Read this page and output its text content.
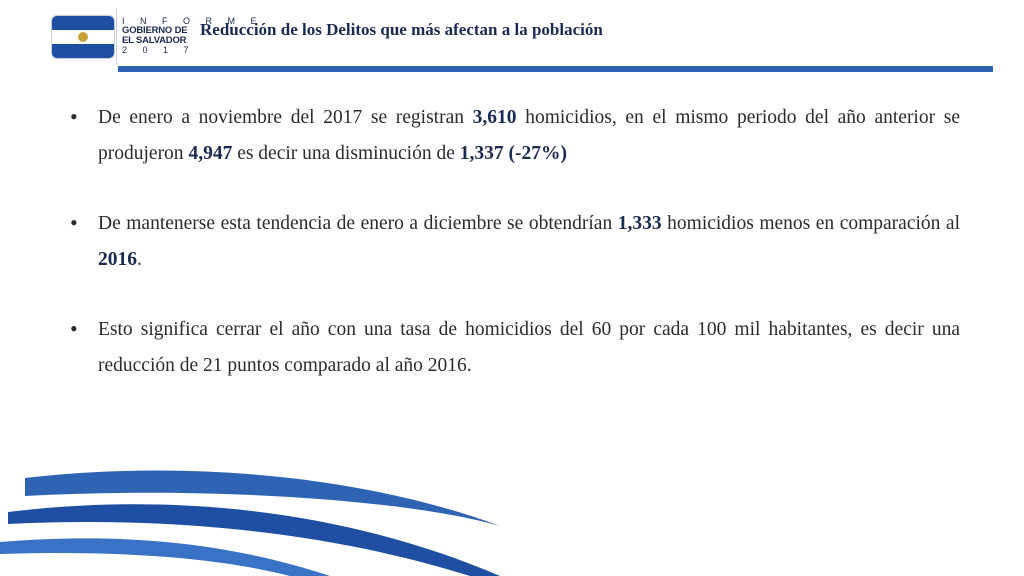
I N F O R M E
GOBIERNO DE
EL SALVADOR
2 0 1 7
Reducción de los Delitos que más afectan a la población
• De enero a noviembre del 2017 se registran 3,610 homicidios, en el mismo periodo del año anterior se produjeron 4,947 es decir una disminución de 1,337 (-27%)
• De mantenerse esta tendencia de enero a diciembre se obtendrían 1,333 homicidios menos en comparación al 2016.
• Esto significa cerrar el año con una tasa de homicidios del 60 por cada 100 mil habitantes, es decir una reducción de 21 puntos comparado al año 2016.
